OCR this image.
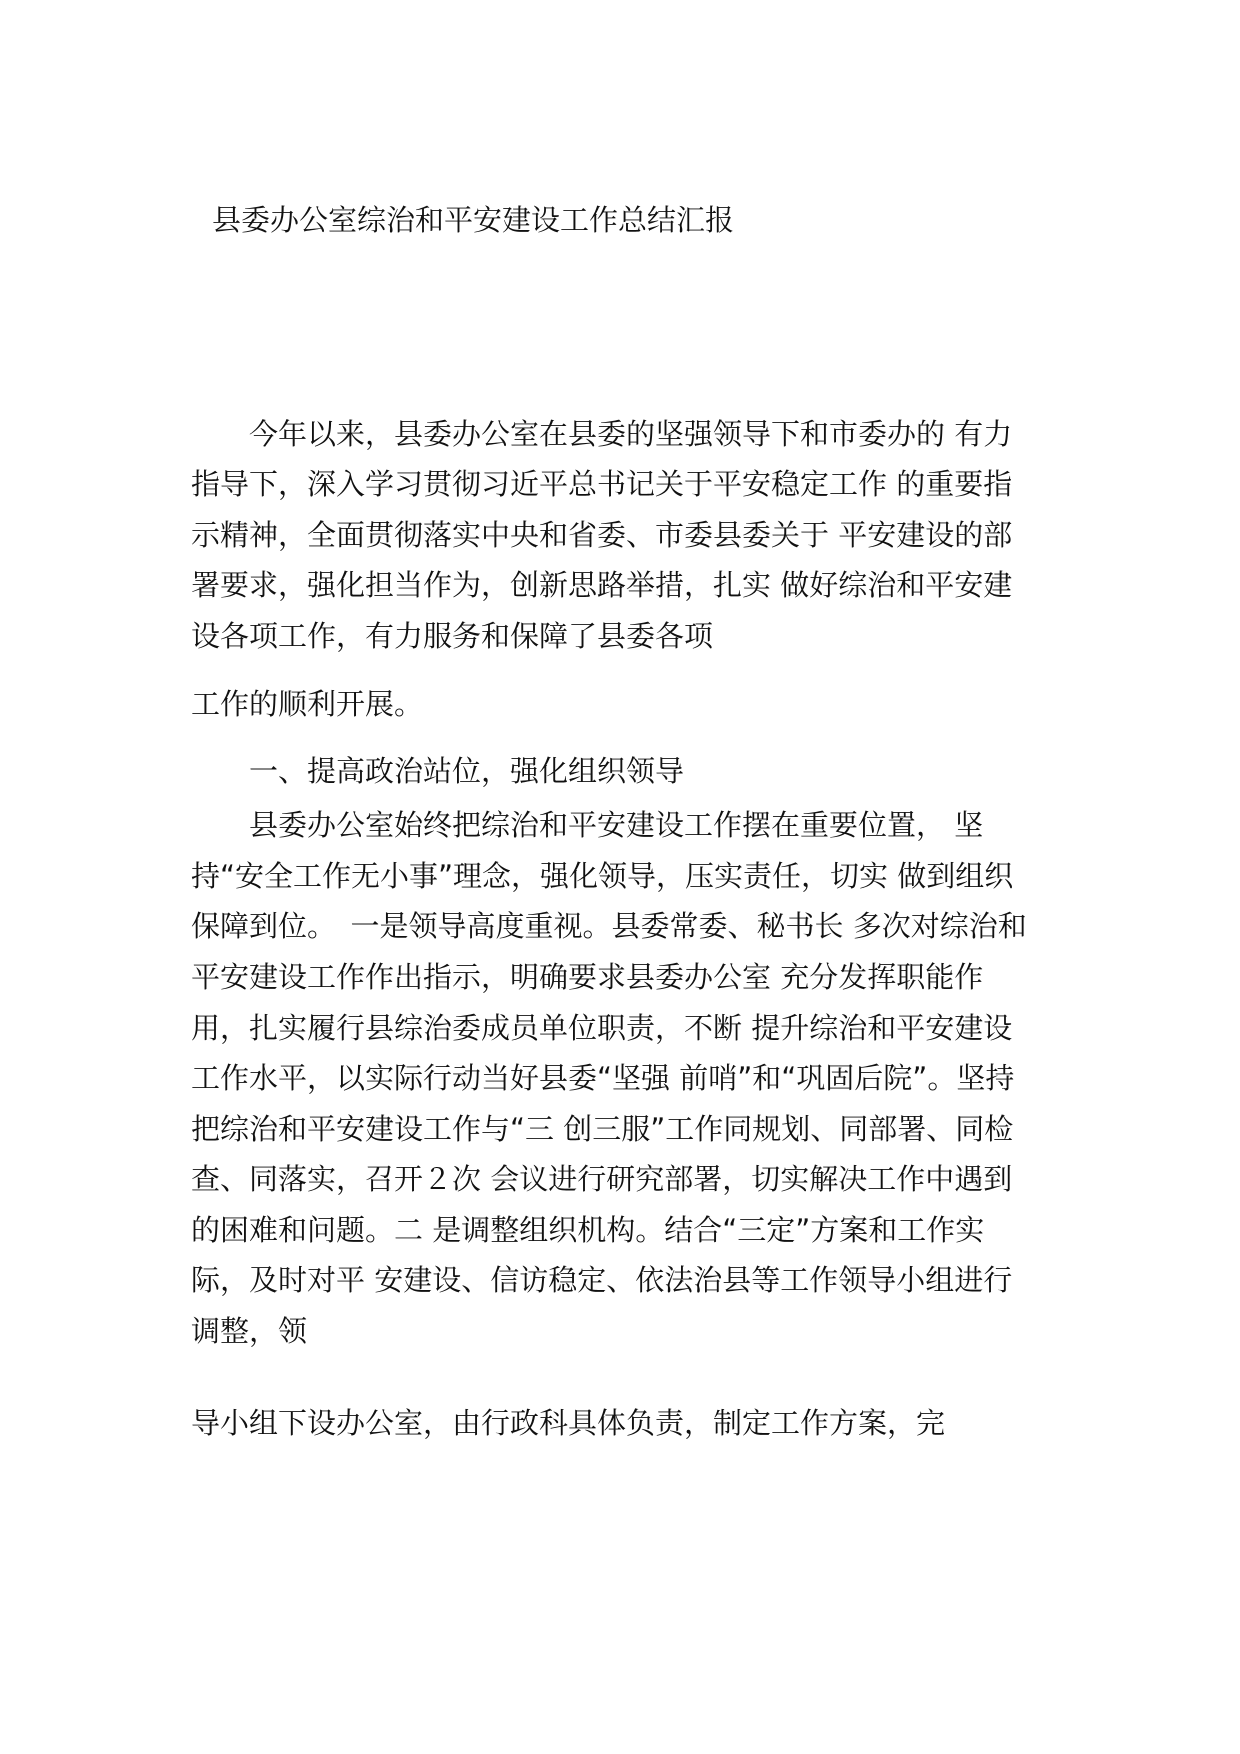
县委办公室综治和平安建设工作总结汇报
　　今年以来，县委办公室在县委的坚强领导下和市委办的 有力
指导下，深入学习贯彻习近平总书记关于平安稳定工作 的重要指
示精神，全面贯彻落实中央和省委、市委县委关于 平安建设的部
署要求，强化担当作为，创新思路举措，扎实 做好综治和平安建
设各项工作，有力服务和保障了县委各项
工作的顺利开展。
　　一、提高政治站位，强化组织领导
　　县委办公室始终把综治和平安建设工作摆在重要位置， 坚
持“安全工作无小事”理念，强化领导，压实责任，切实 做到组织
保障到位。　一是领导高度重视。县委常委、秘书长 多次对综治和
平安建设工作作出指示，明确要求县委办公室 充分发挥职能作
用，扎实履行县综治委成员单位职责，不断 提升综治和平安建设
工作水平，以实际行动当好县委“坚强 前哨”和“巩固后院”。坚持
把综治和平安建设工作与“三 创三服”工作同规划、同部署、同检
查、同落实，召开２次 会议进行研究部署，切实解决工作中遇到
的困难和问题。二 是调整组织机构。结合“三定”方案和工作实
际，及时对平 安建设、信访稳定、依法治县等工作领导小组进行
调整，领
导小组下设办公室，由行政科具体负责，制定工作方案，完
